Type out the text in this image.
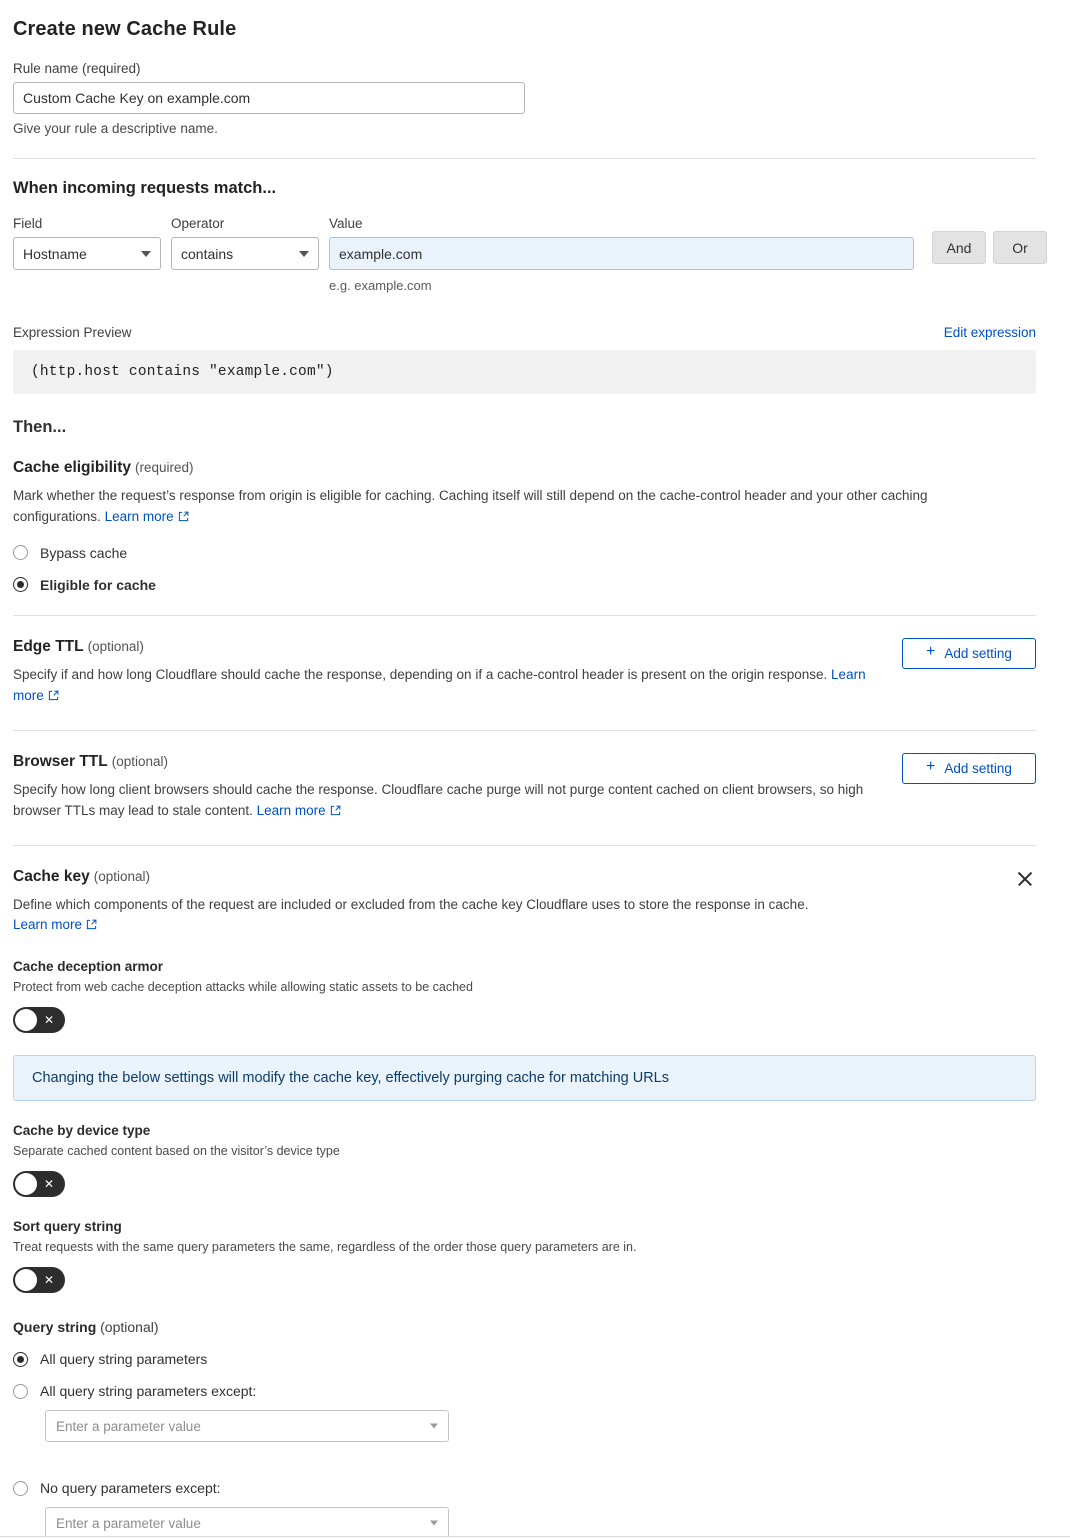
Create new Cache Rule
Rule name (required)
Custom Cache Key on example.com
Give your rule a descriptive name.
When incoming requests match...
Field
Hostname
Operator
contains
Value
example.com
e.g. example.com
And	Or
Expression Preview	Edit expression
(http.host contains "example.com")
Then...
Cache eligibility (required)
Mark whether the request’s response from origin is eligible for caching. Caching itself will still depend on the cache-control header and your other caching configurations. Learn more
Bypass cache
Eligible for cache
Edge TTL (optional)
Specify if and how long Cloudflare should cache the response, depending on if a cache-control header is present on the origin response. Learn more
+ Add setting
Browser TTL (optional)
Specify how long client browsers should cache the response. Cloudflare cache purge will not purge content cached on client browsers, so high browser TTLs may lead to stale content. Learn more
+ Add setting
Cache key (optional)
Define which components of the request are included or excluded from the cache key Cloudflare uses to store the response in cache.
Learn more
Cache deception armor
Protect from web cache deception attacks while allowing static assets to be cached
✕
Changing the below settings will modify the cache key, effectively purging cache for matching URLs
Cache by device type
Separate cached content based on the visitor’s device type
✕
Sort query string
Treat requests with the same query parameters the same, regardless of the order those query parameters are in.
✕
Query string (optional)
All query string parameters
All query string parameters except:
Enter a parameter value
No query parameters except:
Enter a parameter value
